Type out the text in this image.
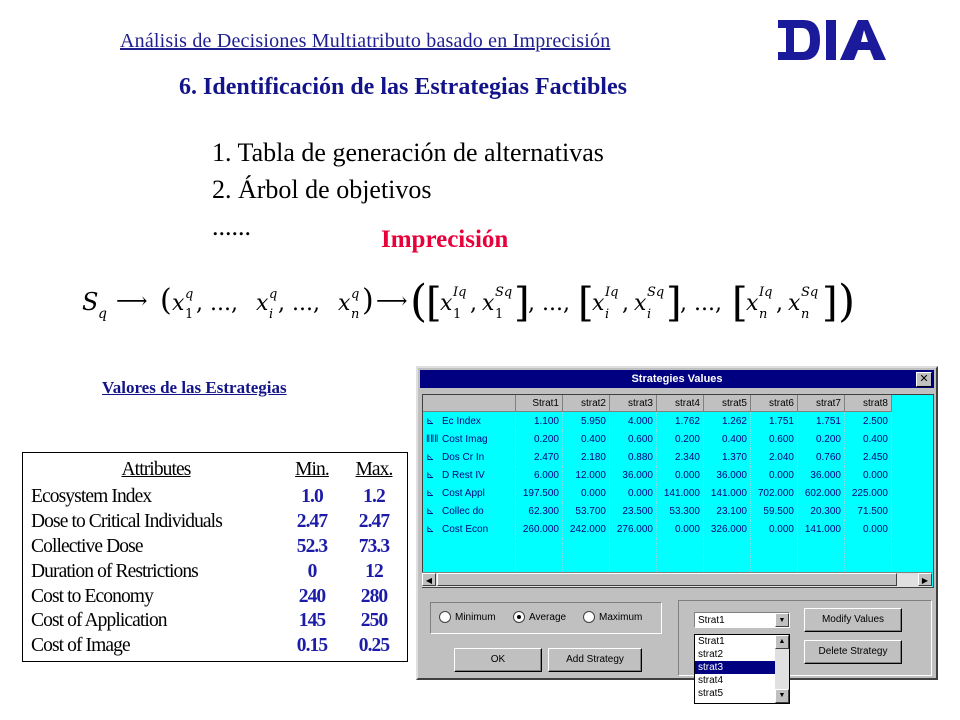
Análisis de Decisiones Multiatributo basado en Imprecisión
6. Identificación de las Estrategias Factibles
1. Tabla de generación de alternativas
2. Árbol de objetivos
......	Imprecisión
S q ⟶ ( x q
1 , ..., x q
i , ..., x q
n ) ⟶ (
[
x Iq
1 , x Sq
1 ]
, ..., [
x Iq
i , x Sq
i ]
, ..., [
x Iq
n , x Sq
n ] )
Valores de las Estrategias
Attributes	Min.	Max.
Ecosystem Index	1.0	1.2
Dose to Critical Individuals	2.47	2.47
Collective Dose	52.3	73.3
Duration of Restrictions	0	12
Cost to Economy	240	280
Cost of Application	145	250
Cost of Image	0.15	0.25
Strategies Values	✕
	Strat1	strat2	strat3	strat4	strat5	strat6	strat7	strat8
⊾ Ec Index	1.100	5.950	4.000	1.762	1.262	1.751	1.751	2.500
ǁǁǁ Cost Imag	0.200	0.400	0.600	0.200	0.400	0.600	0.200	0.400
⊾ Dos Cr In	2.470	2.180	0.880	2.340	1.370	2.040	0.760	2.450
⊾ D Rest IV	6.000	12.000	36.000	0.000	36.000	0.000	36.000	0.000
⊾ Cost Appl	197.500	0.000	0.000	141.000	141.000	702.000	602.000	225.000
⊾ Collec do	62.300	53.700	23.500	53.300	23.100	59.500	20.300	71.500
⊾ Cost Econ	260.000	242.000	276.000	0.000	326.000	0.000	141.000	0.000

◀	▶
Minimum	Average	Maximum
OK	Add Strategy
Strat1	▼
Strat1
strat2
strat3
strat4
strat5
▲
▼
Modify Values
Delete Strategy
